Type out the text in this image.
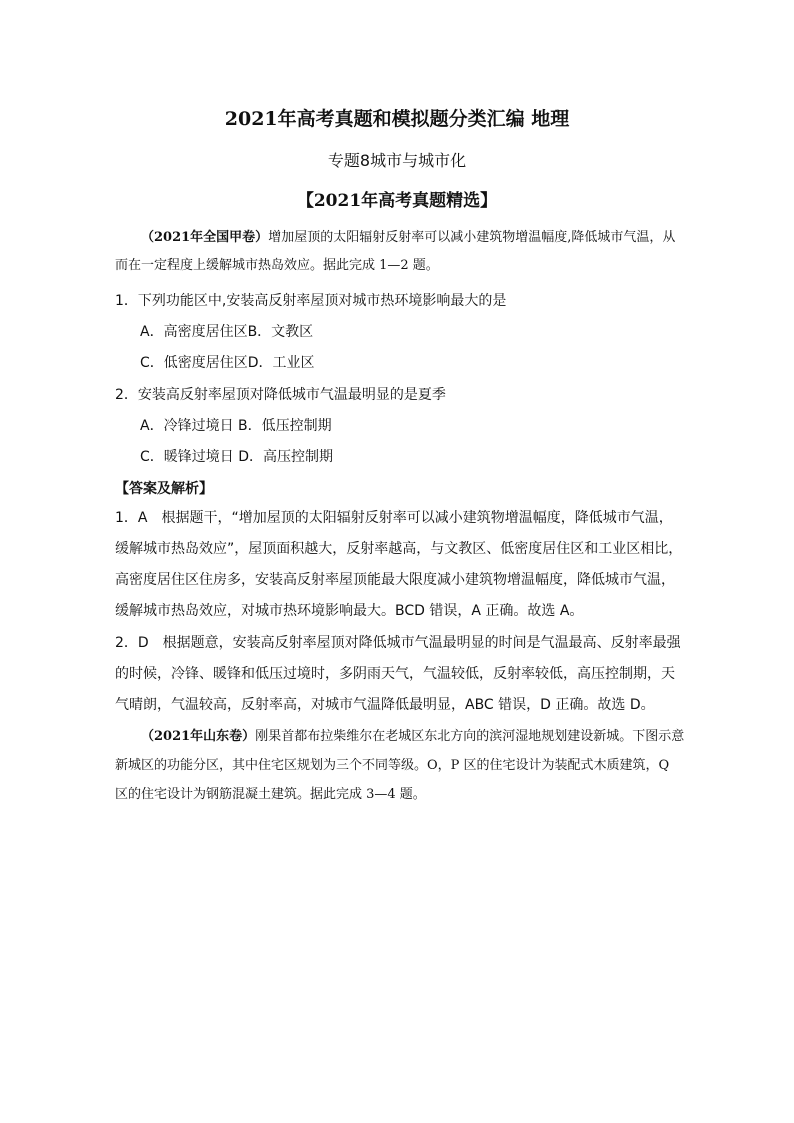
2021年高考真题和模拟题分类汇编 地理
专题8城市与城市化
【2021年高考真题精选】
（2021年全国甲卷）增加屋顶的太阳辐射反射率可以减小建筑物增温幅度,降低城市气温，从而在一定程度上缓解城市热岛效应。据此完成 1—2 题。
1．下列功能区中,安装高反射率屋顶对城市热环境影响最大的是
A．高密度居住区B．文教区
C．低密度居住区D．工业区
2．安装高反射率屋顶对降低城市气温最明显的是夏季
A．冷锋过境日 B．低压控制期
C．暖锋过境日 D．高压控制期
【答案及解析】
1．A　根据题干，“增加屋顶的太阳辐射反射率可以减小建筑物增温幅度，降低城市气温，缓解城市热岛效应”，屋顶面积越大，反射率越高，与文教区、低密度居住区和工业区相比，高密度居住区住房多，安装高反射率屋顶能最大限度减小建筑物增温幅度，降低城市气温，缓解城市热岛效应，对城市热环境影响最大。BCD 错误，A 正确。故选 A。
2．D　根据题意，安装高反射率屋顶对降低城市气温最明显的时间是气温最高、反射率最强的时候，冷锋、暖锋和低压过境时，多阴雨天气，气温较低，反射率较低，高压控制期，天气晴朗，气温较高，反射率高，对城市气温降低最明显，ABC 错误，D 正确。故选 D。
（2021年山东卷）刚果首都布拉柴维尔在老城区东北方向的滨河湿地规划建设新城。下图示意新城区的功能分区，其中住宅区规划为三个不同等级。O，P 区的住宅设计为装配式木质建筑，Q 区的住宅设计为钢筋混凝土建筑。据此完成 3—4 题。
